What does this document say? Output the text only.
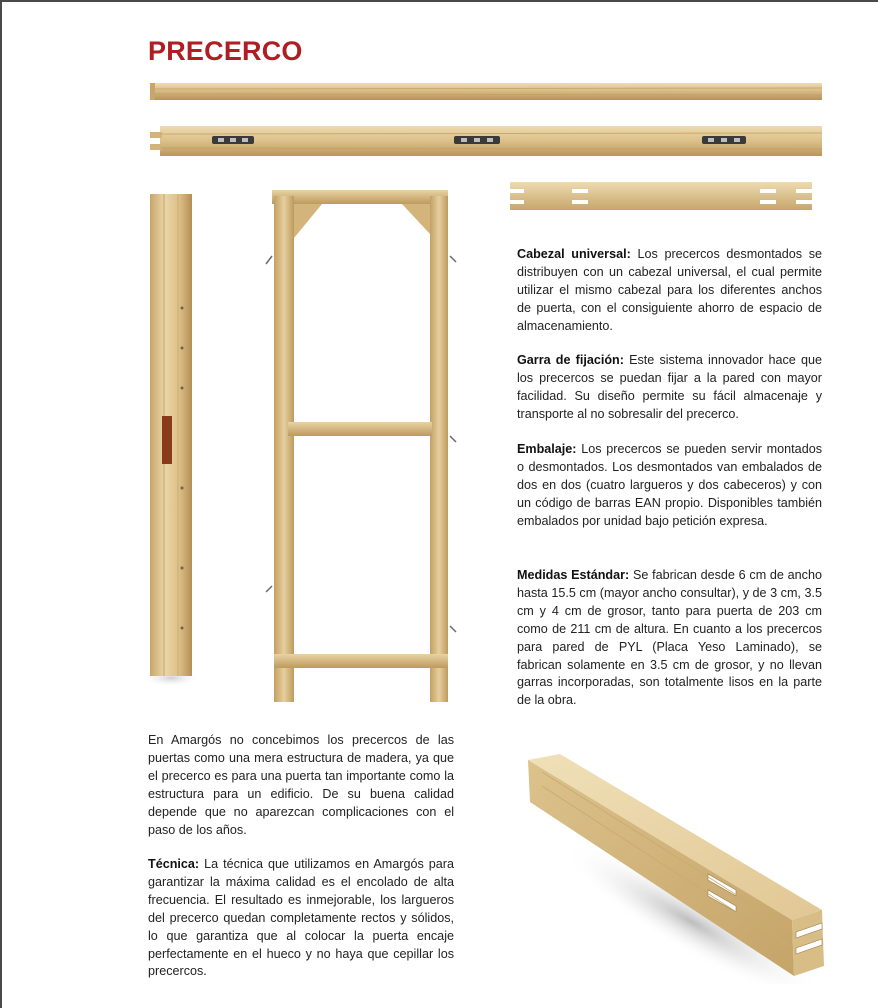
PRECERCO

Cabezal universal: Los precercos desmontados se distribuyen con un cabezal universal, el cual permite utilizar el mismo cabezal para los diferentes anchos de puerta, con el consiguiente ahorro de espacio de almacenamiento.

Garra de fijación: Este sistema innovador hace que los precercos se puedan fijar a la pared con mayor facilidad. Su diseño permite su fácil almacenaje y transporte al no sobresalir del precerco.

Embalaje: Los precercos se pueden servir montados o desmontados. Los desmontados van embalados de dos en dos (cuatro largueros y dos cabeceros) y con un código de barras EAN propio. Disponibles también embalados por unidad bajo petición expresa.

Medidas Estándar: Se fabrican desde 6 cm de ancho hasta 15.5 cm (mayor ancho consultar), y de 3 cm, 3.5 cm y 4 cm de grosor, tanto para puerta de 203 cm como de 211 cm de altura. En cuanto a los precercos para pared de PYL (Placa Yeso Laminado), se fabrican solamente en 3.5 cm de grosor, y no llevan garras incorporadas, son totalmente lisos en la parte de la obra.

En Amargós no concebimos los precercos de las puertas como una mera estructura de madera, ya que el precerco es para una puerta tan importante como la estructura para un edificio. De su buena calidad depende que no aparezcan complicaciones con el paso de los años.

Técnica: La técnica que utilizamos en Amargós para garantizar la máxima calidad es el encolado de alta frecuencia. El resultado es inmejorable, los largueros del precerco quedan completamente rectos y sólidos, lo que garantiza que al colocar la puerta encaje perfectamente en el hueco y no haya que cepillar los precercos.
